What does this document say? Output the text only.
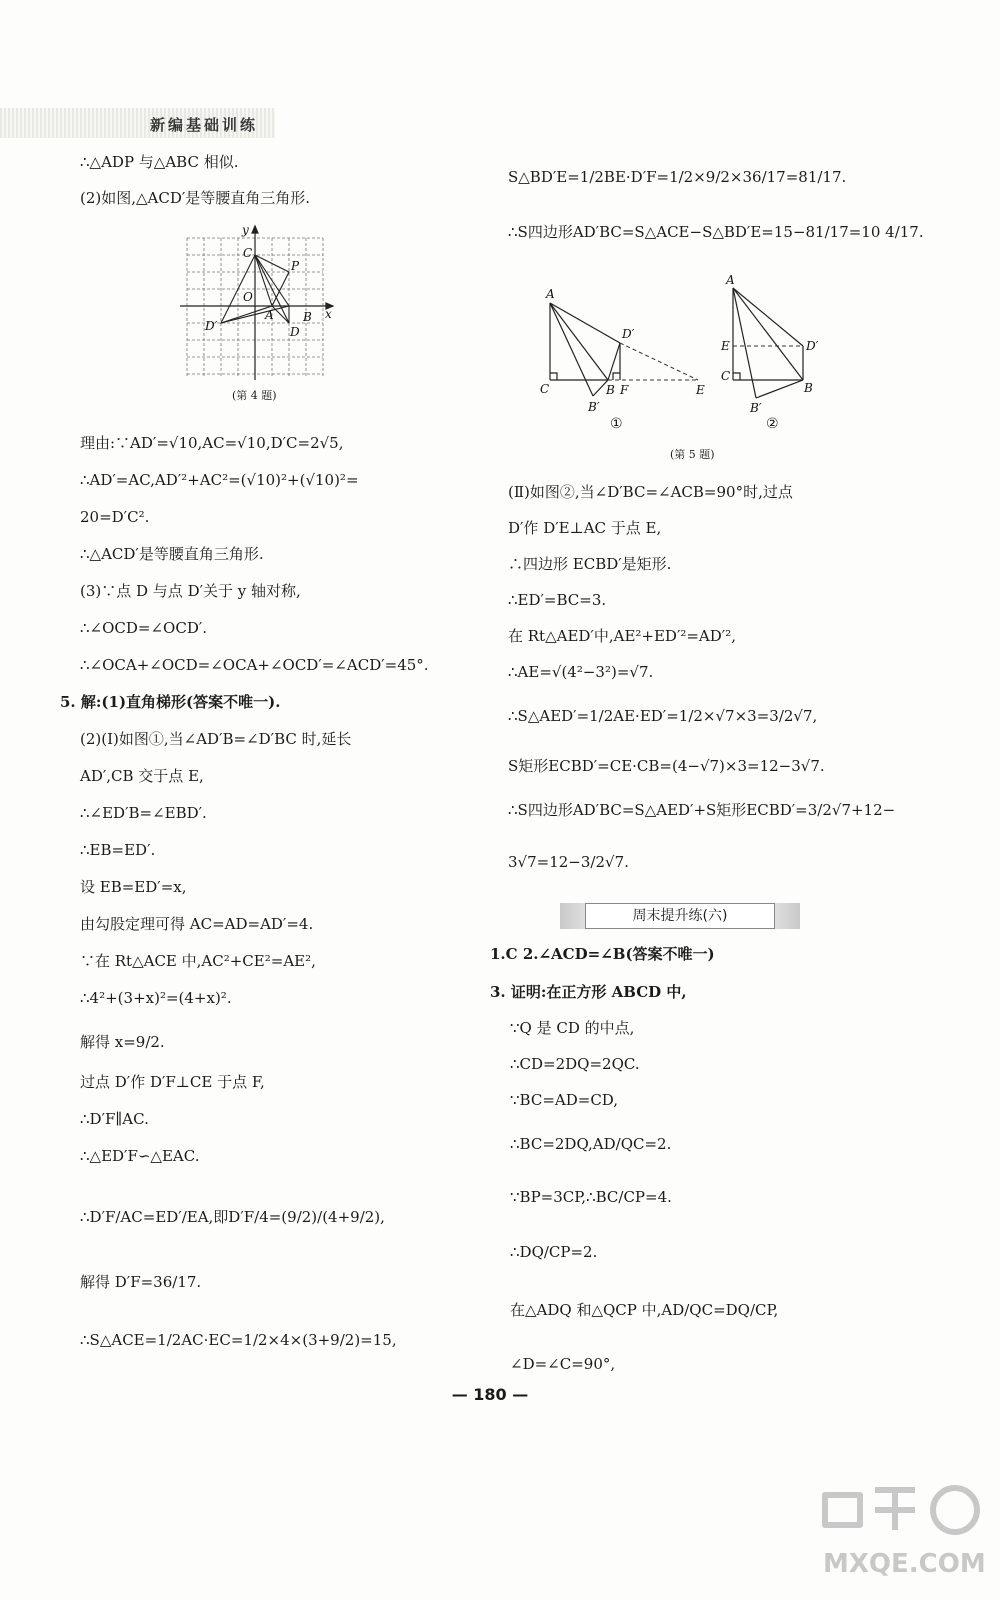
新编基础训练
∴△ADP 与△ABC 相似.
(2)如图,△ACD′是等腰直角三角形.
y
x
C
P
O
A
D′	D
B
(第 4 题)
理由:∵AD′=√10,AC=√10,D′C=2√5,
∴AD′=AC,AD′²+AC²=(√10)²+(√10)²=
20=D′C².
∴△ACD′是等腰直角三角形.
(3)∵点 D 与点 D′关于 y 轴对称,
∴∠OCD=∠OCD′.
∴∠OCA+∠OCD=∠OCA+∠OCD′=∠ACD′=45°.
5. 解:(1)直角梯形(答案不唯一).
(2)(Ⅰ)如图①,当∠AD′B=∠D′BC 时,延长
AD′,CB 交于点 E,
∴∠ED′B=∠EBD′.
∴EB=ED′.
设 EB=ED′=x,
由勾股定理可得 AC=AD=AD′=4.
∵在 Rt△ACE 中,AC²+CE²=AE²,
∴4²+(3+x)²=(4+x)².
解得 x=9/2.
过点 D′作 D′F⊥CE 于点 F,
∴D′F∥AC.
∴△ED′F∽△EAC.
∴D′F/AC=ED′/EA,即D′F/4=(9/2)/(4+9/2),
解得 D′F=36/17.
∴S△ACE=1/2AC·EC=1/2×4×(3+9/2)=15,
S△BD′E=1/2BE·D′F=1/2×9/2×36/17=81/17.
∴S四边形AD′BC=S△ACE−S△BD′E=15−81/17=10 4/17.
A
D′
C	B F	E
B′
A
E	D′
C
B
B′
①	②
(第 5 题)
(Ⅱ)如图②,当∠D′BC=∠ACB=90°时,过点
D′作 D′E⊥AC 于点 E,
∴四边形 ECBD′是矩形.
∴ED′=BC=3.
在 Rt△AED′中,AE²+ED′²=AD′²,
∴AE=√(4²−3²)=√7.
∴S△AED′=1/2AE·ED′=1/2×√7×3=3/2√7,
S矩形ECBD′=CE·CB=(4−√7)×3=12−3√7.
∴S四边形AD′BC=S△AED′+S矩形ECBD′=3/2√7+12−
3√7=12−3/2√7.
周末提升练(六)
1.C 2.∠ACD=∠B(答案不唯一)
3. 证明:在正方形 ABCD 中,
∵Q 是 CD 的中点,
∴CD=2DQ=2QC.
∵BC=AD=CD,
∴BC=2DQ,AD/QC=2.
∵BP=3CP,∴BC/CP=4.
∴DQ/CP=2.
在△ADQ 和△QCP 中,AD/QC=DQ/CP,
∠D=∠C=90°,
— 180 —
MXQE.COM
